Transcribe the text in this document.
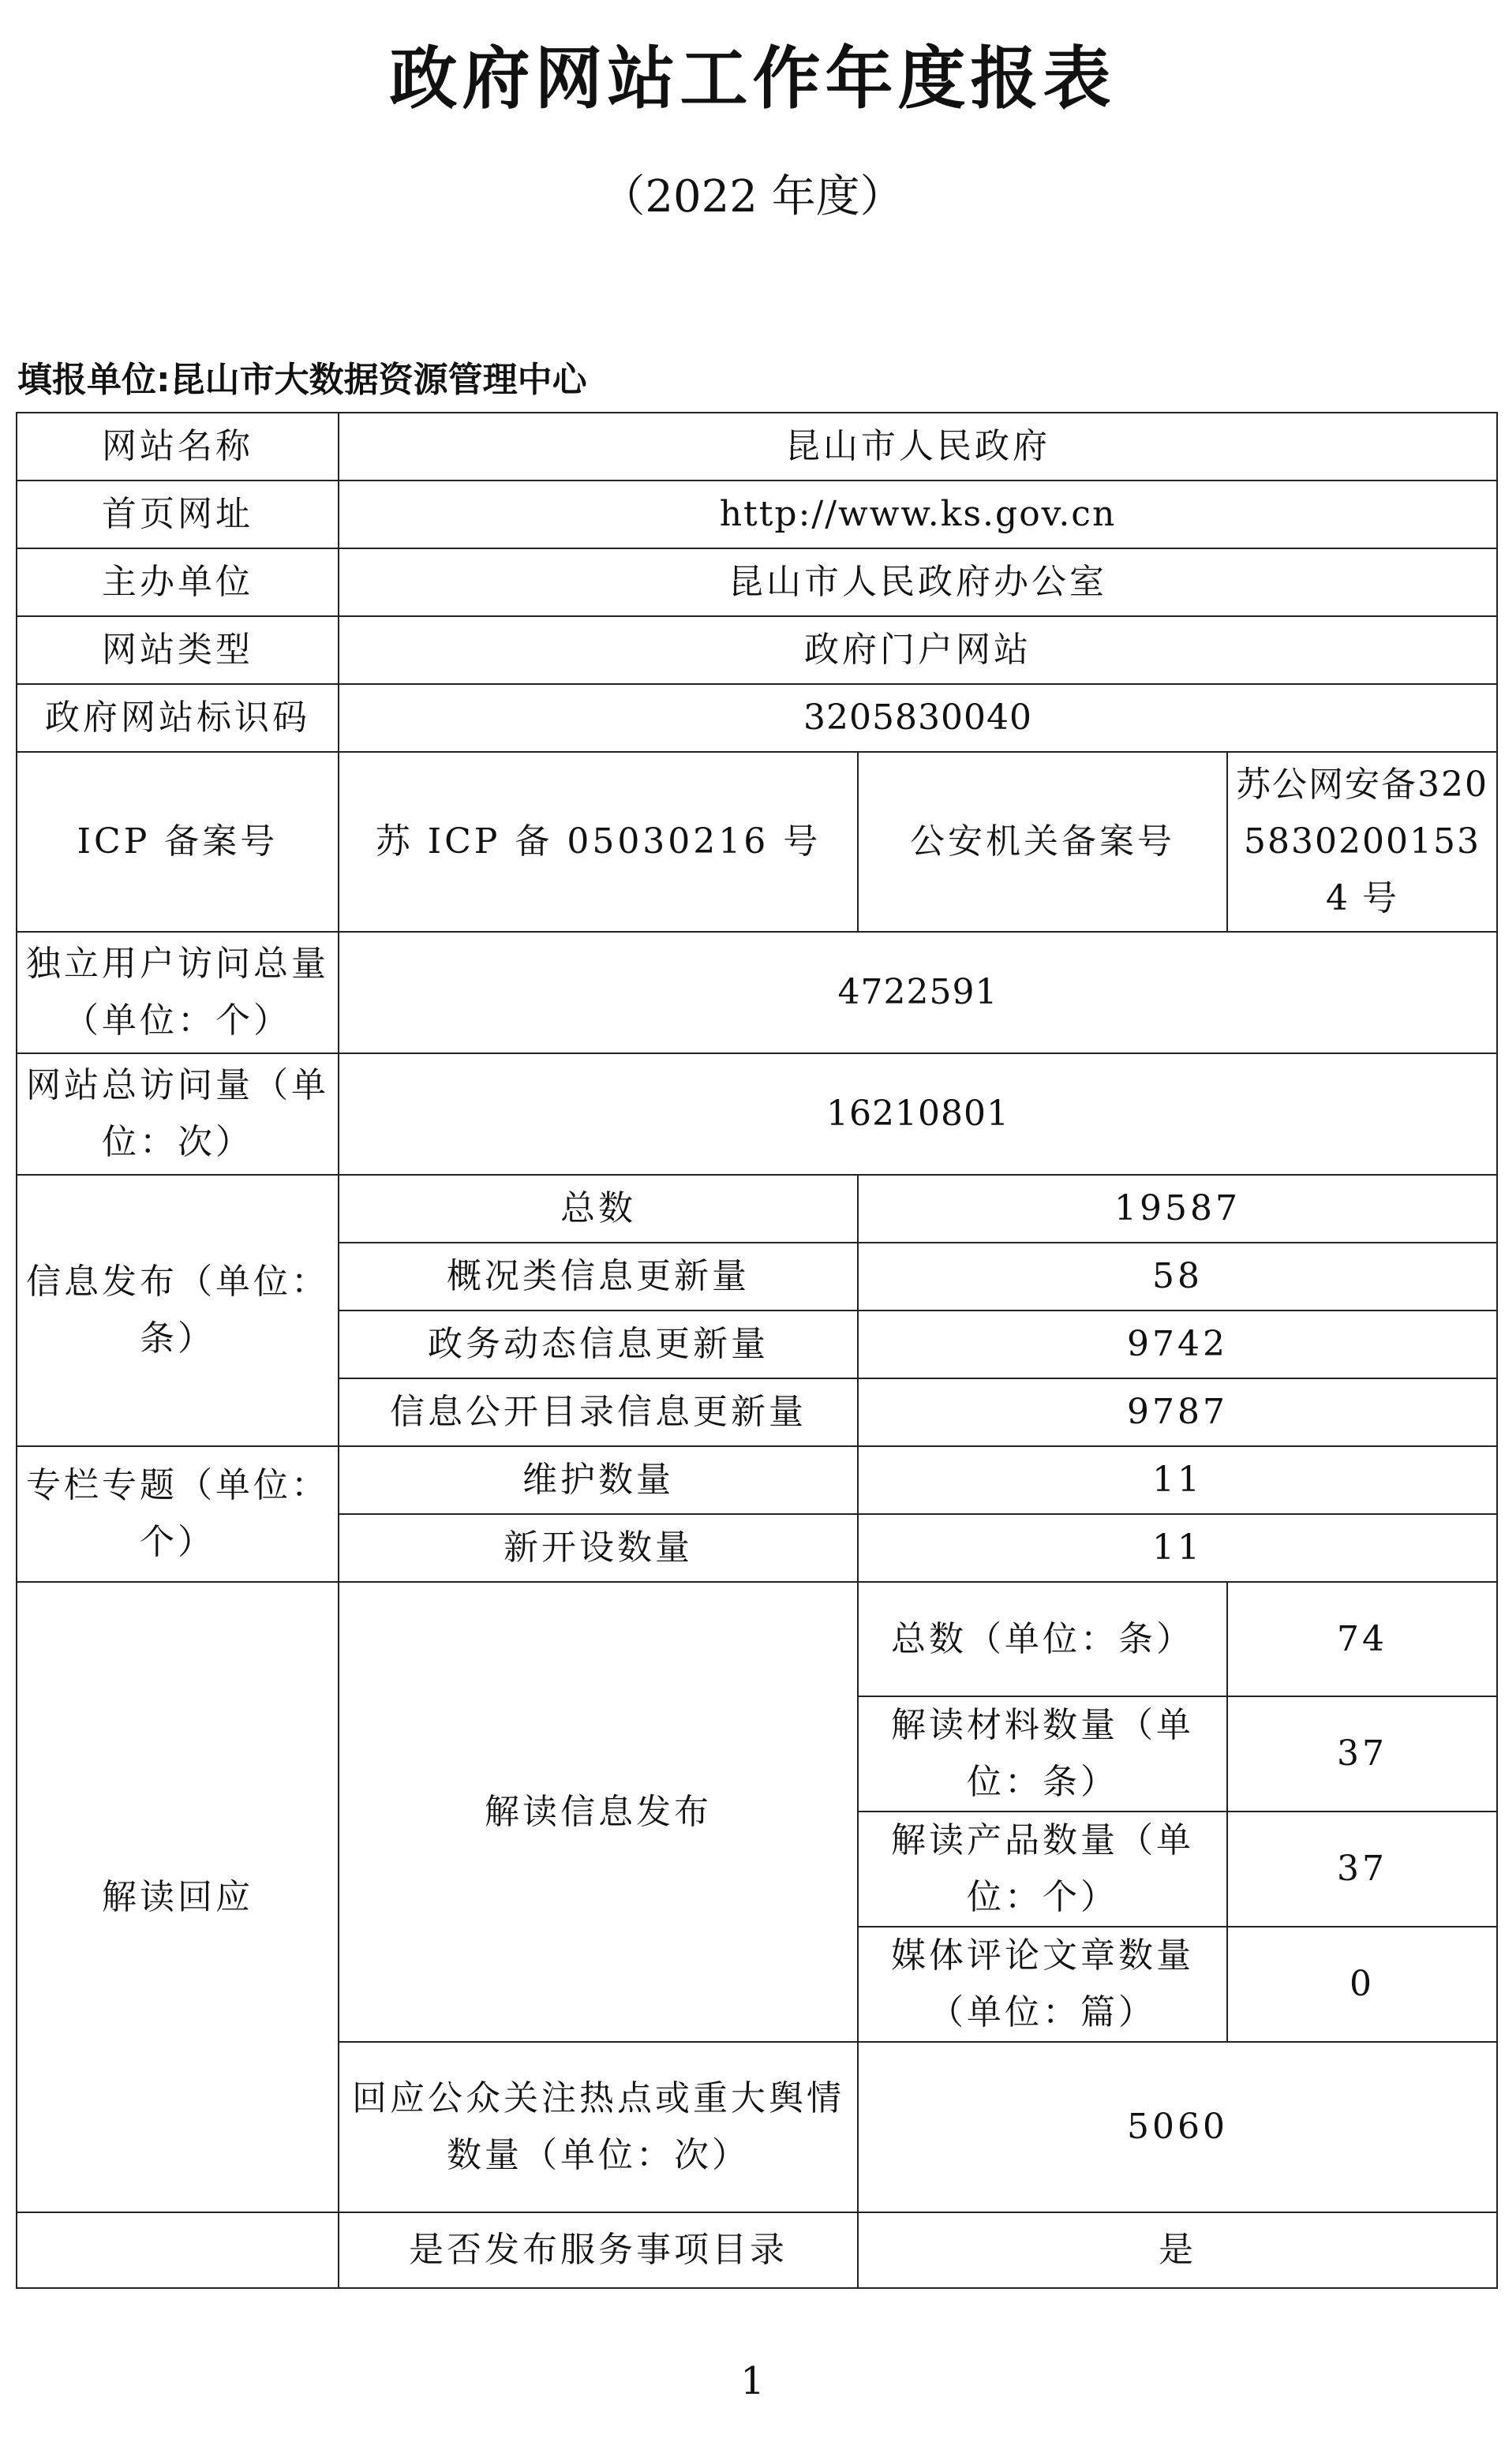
政府网站工作年度报表
（2022 年度）
填报单位:昆山市大数据资源管理中心
网站名称	昆山市人民政府		
首页网址	http://www.ks.gov.cn		
主办单位	昆山市人民政府办公室		
网站类型	政府门户网站		
政府网站标识码	3205830040		
ICP 备案号	苏 ICP 备 05030216 号	公安机关备案号	苏公网安备32058302001534 号
独立用户访问总量（单位：个）	4722591		
网站总访问量（单位：次）	16210801		
信息发布（单位：条）	总数	19587	
	概况类信息更新量	58	
	政务动态信息更新量	9742	
	信息公开目录信息更新量	9787	
专栏专题（单位：个）	维护数量	11	
	新开设数量	11	
解读回应	解读信息发布	总数（单位：条）	74
		解读材料数量（单位：条）	37
		解读产品数量（单位：个）	37
		媒体评论文章数量（单位：篇）	0
	回应公众关注热点或重大舆情数量（单位：次）	5060	
	是否发布服务事项目录	是	
1
